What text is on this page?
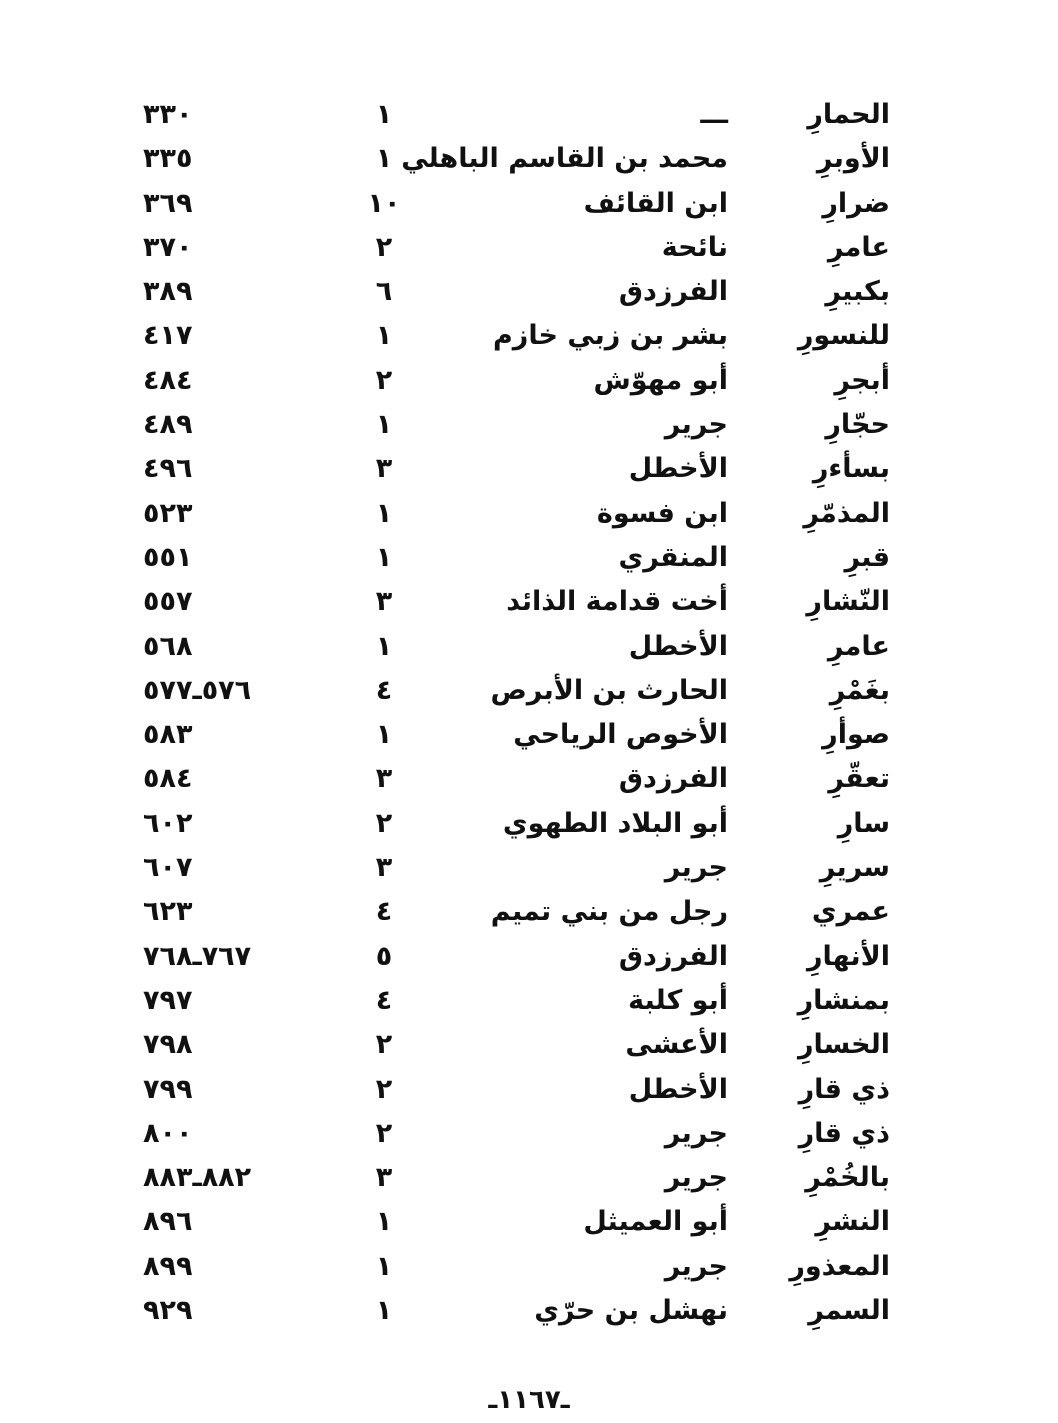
الحمارِ
ـــ
١
٣٣٠
الأوبرِ
محمد بن القاسم الباهلي
١
٣٣٥
ضرارِ
ابن القائف
١٠
٣٦٩
عامرِ
نائحة
٢
٣٧٠
بكبيرِ
الفرزدق
٦
٣٨٩
للنسورِ
بشر بن زبي خازم
١
٤١٧
أبجرِ
أبو مهوّش
٢
٤٨٤
حجّارِ
جرير
١
٤٨٩
بسأءرِ
الأخطل
٣
٤٩٦
المذمّرِ
ابن فسوة
١
٥٢٣
قبرِ
المنقري
١
٥٥١
النّشارِ
أخت قدامة الذائد
٣
٥٥٧
عامرِ
الأخطل
١
٥٦٨
بغَمْرِ
الحارث بن الأبرص
٤
٥٧٦ـ٥٧٧
صوأرِ
الأخوص الرياحي
١
٥٨٣
تعقّرِ
الفرزدق
٣
٥٨٤
سارِ
أبو البلاد الطهوي
٢
٦٠٢
سريرِ
جرير
٣
٦٠٧
عمري
رجل من بني تميم
٤
٦٢٣
الأنهارِ
الفرزدق
٥
٧٦٧ـ٧٦٨
بمنشارِ
أبو كلبة
٤
٧٩٧
الخسارِ
الأعشى
٢
٧٩٨
ذي قارِ
الأخطل
٢
٧٩٩
ذي قارِ
جرير
٢
٨٠٠
بالخُمْرِ
جرير
٣
٨٨٢ـ٨٨٣
النشرِ
أبو العميثل
١
٨٩٦
المعذورِ
جرير
١
٨٩٩
السمرِ
نهشل بن حرّي
١
٩٢٩
ـ١١٦٧ـ
